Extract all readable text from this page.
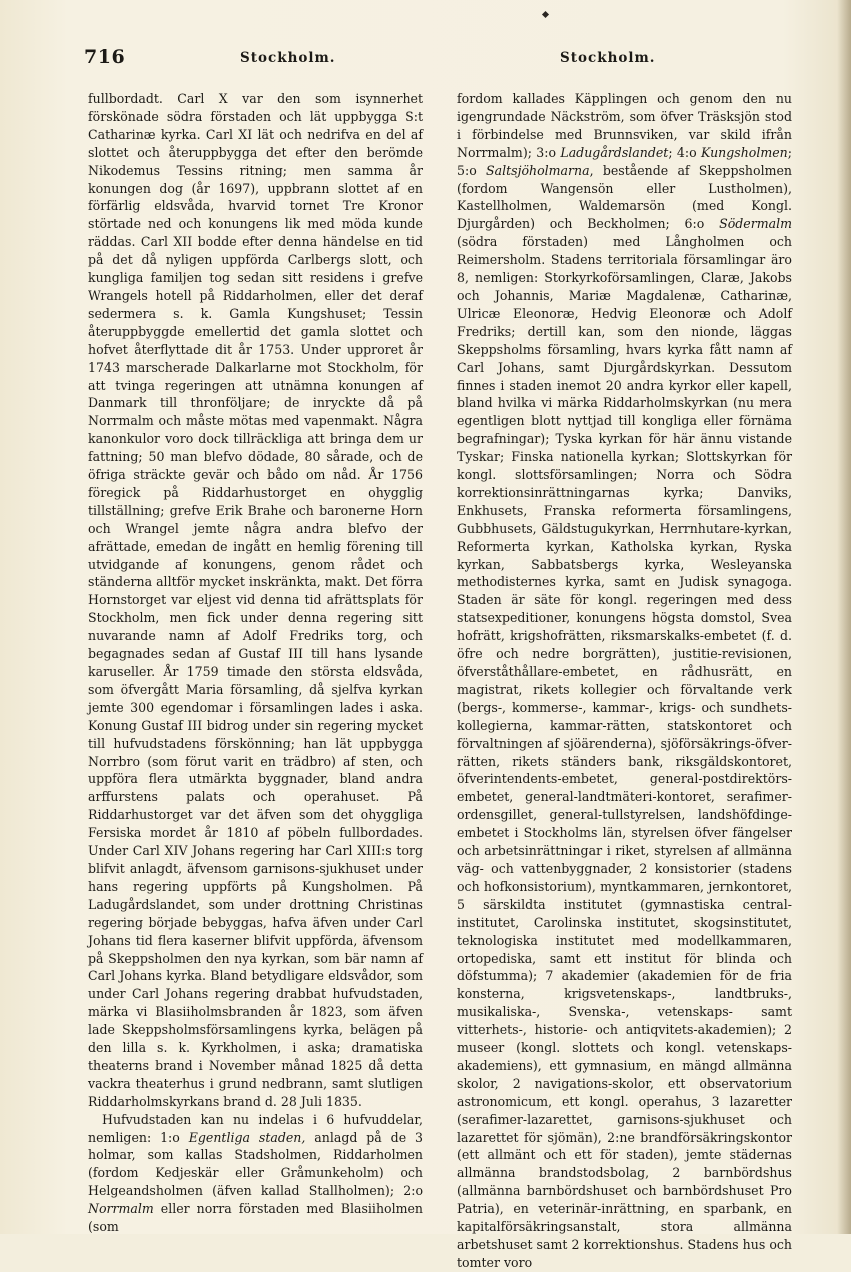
716	Stockholm.	Stockholm.

fullbordadt. Carl X var den som isynnerhet förskönade södra förstaden och lät uppbygga S:t Catharinæ kyrka. Carl XI lät och nedrifva en del af slottet och återuppbygga det efter den berömde Nikodemus Tessins ritning; men samma år konungen dog (år 1697), uppbrann slottet af en förfärlig eldsvåda, hvarvid tornet Tre Kronor störtade ned och konungens lik med möda kunde räddas. Carl XII bodde efter denna händelse en tid på det då nyligen uppförda Carlbergs slott, och kungliga familjen tog sedan sitt residens i grefve Wrangels hotell på Riddarholmen, eller det deraf sedermera s. k. Gamla Kungshuset; Tessin återuppbyggde emellertid det gamla slottet och hofvet återflyttade dit år 1753. Under upproret år 1743 marscherade Dalkarlarne mot Stockholm, för att tvinga regeringen att utnämna konungen af Danmark till thronföljare; de inryckte då på Norrmalm och måste mötas med vapenmakt. Några kanonkulor voro dock tillräckliga att bringa dem ur fattning; 50 man blefvo dödade, 80 sårade, och de öfriga sträckte gevär och bådo om nåd. År 1756 föregick på Riddarhustorget en ohygglig tillställning; grefve Erik Brahe och baronerne Horn och Wrangel jemte några andra blefvo der afrättade, emedan de ingått en hemlig förening till utvidgande af konungens, genom rådet och ständerna alltför mycket inskränkta, makt. Det förra Hornstorget var eljest vid denna tid afrättsplats för Stockholm, men fick under denna regering sitt nuvarande namn af Adolf Fredriks torg, och begagnades sedan af Gustaf III till hans lysande karuseller. År 1759 timade den största eldsvåda, som öfvergått Maria församling, då sjelfva kyrkan jemte 300 egendomar i församlingen lades i aska. Konung Gustaf III bidrog under sin regering mycket till hufvudstadens förskönning; han lät uppbygga Norrbro (som förut varit en trädbro) af sten, och uppföra flera utmärkta byggnader, bland andra arffurstens palats och operahuset. På Riddarhustorget var det äfven som det ohyggliga Fersiska mordet år 1810 af pöbeln fullbordades. Under Carl XIV Johans regering har Carl XIII:s torg blifvit anlagdt, äfvensom garnisons-sjukhuset under hans regering uppförts på Kungsholmen. På Ladugårdslandet, som under drottning Christinas regering började bebyggas, hafva äfven under Carl Johans tid flera kaserner blifvit uppförda, äfvensom på Skeppsholmen den nya kyrkan, som bär namn af Carl Johans kyrka. Bland betydligare eldsvådor, som under Carl Johans regering drabbat hufvudstaden, märka vi Blasiiholmsbranden år 1823, som äfven lade Skeppsholmsförsamlingens kyrka, belägen på den lilla s. k. Kyrkholmen, i aska; dramatiska theaterns brand i November månad 1825 då detta vackra theaterhus i grund nedbrann, samt slutligen Riddarholmskyrkans brand d. 28 Juli 1835.

Hufvudstaden kan nu indelas i 6 hufvuddelar, nemligen: 1:o Egentliga staden, anlagd på de 3 holmar, som kallas Stadsholmen, Riddarholmen (fordom Kedjeskär eller Gråmunkeholm) och Helgeandsholmen (äfven kallad Stallholmen); 2:o Norrmalm eller norra förstaden med Blasiiholmen (som

fordom kallades Käpplingen och genom den nu igengrundade Näckström, som öfver Träsksjön stod i förbindelse med Brunnsviken, var skild ifrån Norrmalm); 3:o Ladugårdslandet; 4:o Kungsholmen; 5:o Saltsjöholmarna, bestående af Skeppsholmen (fordom Wangensön eller Lustholmen), Kastellholmen, Waldemarsön (med Kongl. Djurgården) och Beckholmen; 6:o Södermalm (södra förstaden) med Långholmen och Reimersholm. Stadens territoriala församlingar äro 8, nemligen: Storkyrkoförsamlingen, Claræ, Jakobs och Johannis, Mariæ Magdalenæ, Catharinæ, Ulricæ Eleonoræ, Hedvig Eleonoræ och Adolf Fredriks; dertill kan, som den nionde, läggas Skeppsholms församling, hvars kyrka fått namn af Carl Johans, samt Djurgårdskyrkan. Dessutom finnes i staden inemot 20 andra kyrkor eller kapell, bland hvilka vi märka Riddarholmskyrkan (nu mera egentligen blott nyttjad till kongliga eller förnäma begrafningar); Tyska kyrkan för här ännu vistande Tyskar; Finska nationella kyrkan; Slottskyrkan för kongl. slottsförsamlingen; Norra och Södra korrektionsinrättningarnas kyrka; Danviks, Enkhusets, Franska reformerta församlingens, Gubbhusets, Gäldstugukyrkan, Herrnhutare-kyrkan, Reformerta kyrkan, Katholska kyrkan, Ryska kyrkan, Sabbatsbergs kyrka, Wesleyanska methodisternes kyrka, samt en Judisk synagoga. Staden är säte för kongl. regeringen med dess statsexpeditioner, konungens högsta domstol, Svea hofrätt, krigshofrätten, riksmarskalks-embetet (f. d. öfre och nedre borgrätten), justitie-revisionen, öfverståthållare-embetet, en rådhusrätt, en magistrat, rikets kollegier och förvaltande verk (bergs-, kommerse-, kammar-, krigs- och sundhets-kollegierna, kammar-rätten, statskontoret och förvaltningen af sjöärenderna), sjöförsäkrings-öfver-rätten, rikets ständers bank, riksgäldskontoret, öfverintendents-embetet, general-postdirektörs-embetet, general-landtmäteri-kontoret, serafimer-ordensgillet, general-tullstyrelsen, landshöfdinge-embetet i Stockholms län, styrelsen öfver fängelser och arbetsinrättningar i riket, styrelsen af allmänna väg- och vattenbyggnader, 2 konsistorier (stadens och hofkonsistorium), myntkammaren, jernkontoret, 5 särskildta institutet (gymnastiska central-institutet, Carolinska institutet, skogsinstitutet, teknologiska institutet med modellkammaren, ortopediska, samt ett institut för blinda och döfstumma); 7 akademier (akademien för de fria konsterna, krigsvetenskaps-, landtbruks-, musikaliska-, Svenska-, vetenskaps- samt vitterhets-, historie- och antiqvitets-akademien); 2 museer (kongl. slottets och kongl. vetenskaps-akademiens), ett gymnasium, en mängd allmänna skolor, 2 navigations-skolor, ett observatorium astronomicum, ett kongl. operahus, 3 lazaretter (serafimer-lazarettet, garnisons-sjukhuset och lazarettet för sjömän), 2:ne brandförsäkringskontor (ett allmänt och ett för staden), jemte städernas allmänna brandstodsbolag, 2 barnbördshus (allmänna barnbördshuset och barnbördshuset Pro Patria), en veterinär-inrättning, en sparbank, en kapitalförsäkringsanstalt, stora allmänna arbetshuset samt 2 korrektionshus. Stadens hus och tomter voro
